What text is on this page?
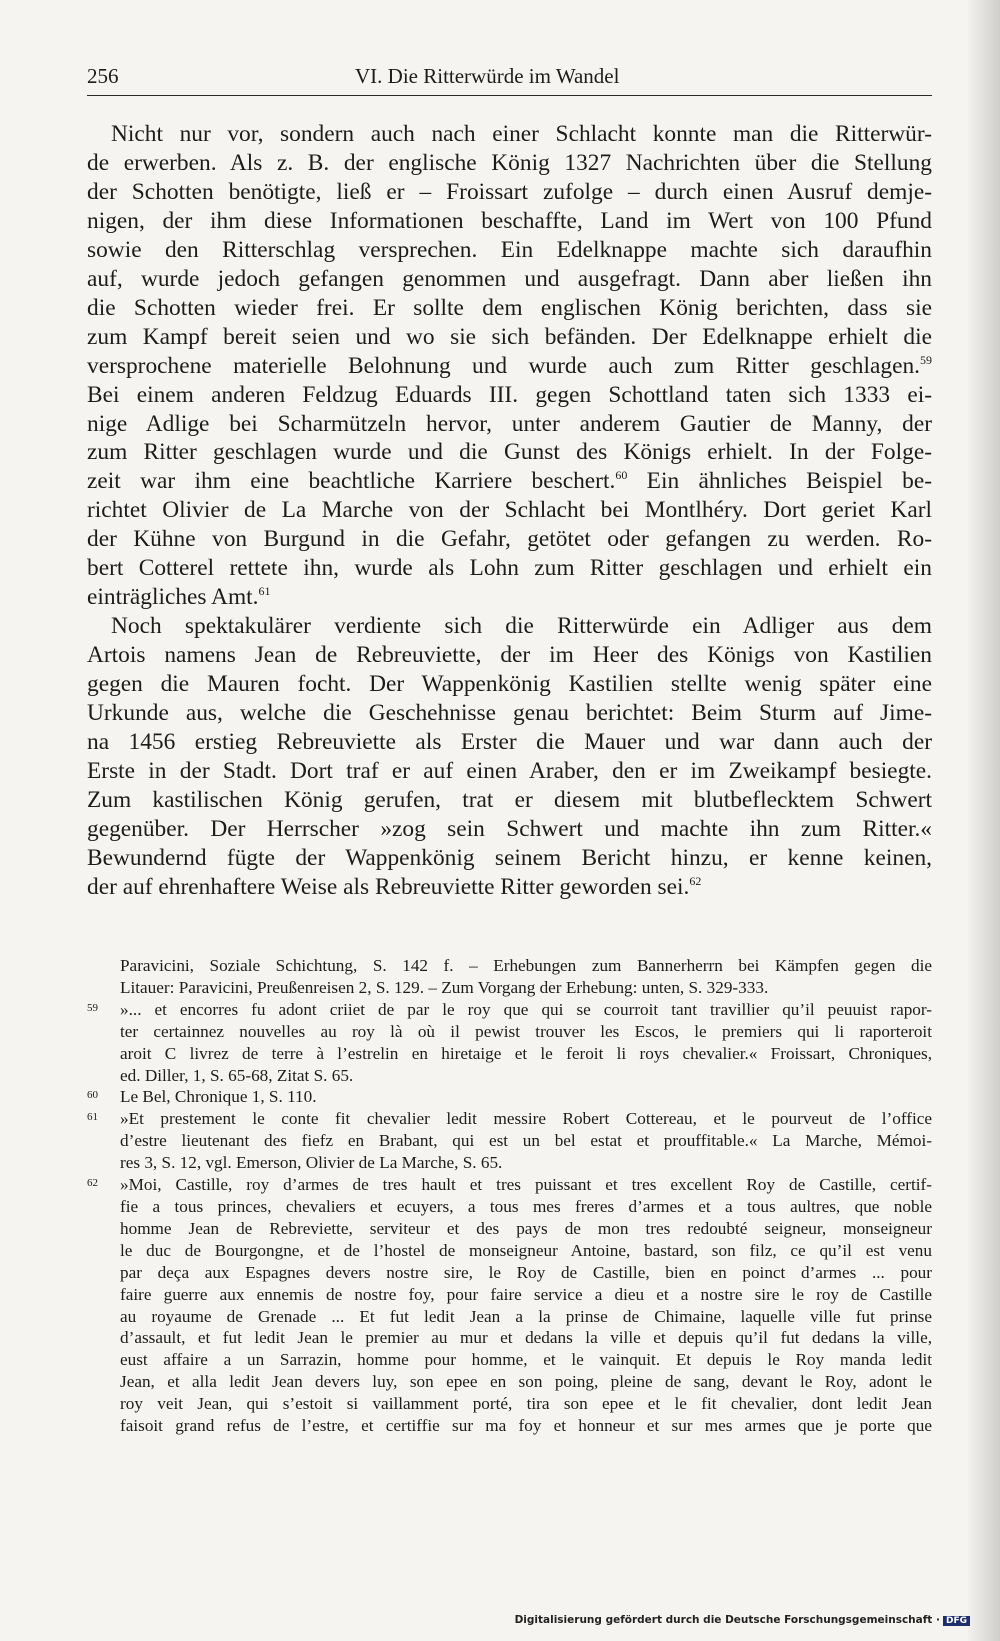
256	VI. Die Ritterwürde im Wandel
Nicht nur vor, sondern auch nach einer Schlacht konnte man die Ritterwür-
de erwerben. Als z. B. der englische König 1327 Nachrichten über die Stellung
der Schotten benötigte, ließ er – Froissart zufolge – durch einen Ausruf demje-
nigen, der ihm diese Informationen beschaffte, Land im Wert von 100 Pfund
sowie den Ritterschlag versprechen. Ein Edelknappe machte sich daraufhin
auf, wurde jedoch gefangen genommen und ausgefragt. Dann aber ließen ihn
die Schotten wieder frei. Er sollte dem englischen König berichten, dass sie
zum Kampf bereit seien und wo sie sich befänden. Der Edelknappe erhielt die
versprochene materielle Belohnung und wurde auch zum Ritter geschlagen.$^{59}$
Bei einem anderen Feldzug Eduards III. gegen Schottland taten sich 1333 ei-
nige Adlige bei Scharmützeln hervor, unter anderem Gautier de Manny, der
zum Ritter geschlagen wurde und die Gunst des Königs erhielt. In der Folge-
zeit war ihm eine beachtliche Karriere beschert.$^{60}$ Ein ähnliches Beispiel be-
richtet Olivier de La Marche von der Schlacht bei Montlhéry. Dort geriet Karl
der Kühne von Burgund in die Gefahr, getötet oder gefangen zu werden. Ro-
bert Cotterel rettete ihn, wurde als Lohn zum Ritter geschlagen und erhielt ein
einträgliches Amt.$^{61}$
Noch spektakulärer verdiente sich die Ritterwürde ein Adliger aus dem
Artois namens Jean de Rebreuviette, der im Heer des Königs von Kastilien
gegen die Mauren focht. Der Wappenkönig Kastilien stellte wenig später eine
Urkunde aus, welche die Geschehnisse genau berichtet: Beim Sturm auf Jime-
na 1456 erstieg Rebreuviette als Erster die Mauer und war dann auch der
Erste in der Stadt. Dort traf er auf einen Araber, den er im Zweikampf besiegte.
Zum kastilischen König gerufen, trat er diesem mit blutbeflecktem Schwert
gegenüber. Der Herrscher »zog sein Schwert und machte ihn zum Ritter.«
Bewundernd fügte der Wappenkönig seinem Bericht hinzu, er kenne keinen,
der auf ehrenhaftere Weise als Rebreuviette Ritter geworden sei.$^{62}$
Paravicini, Soziale Schichtung, S. 142 f. – Erhebungen zum Bannerherrn bei Kämpfen gegen die
Litauer: Paravicini, Preußenreisen 2, S. 129. – Zum Vorgang der Erhebung: unten, S. 329-333.
59 »... et encorres fu adont criiet de par le roy que qui se courroit tant travillier qu’il peuuist rapor-
ter certainnez nouvelles au roy là où il pewist trouver les Escos, le premiers qui li raporteroit
aroit C livrez de terre à l’estrelin en hiretaige et le feroit li roys chevalier.« Froissart, Chroniques,
ed. Diller, 1, S. 65-68, Zitat S. 65.
60 Le Bel, Chronique 1, S. 110.
61 »Et prestement le conte fit chevalier ledit messire Robert Cottereau, et le pourveut de l’office
d’estre lieutenant des fiefz en Brabant, qui est un bel estat et prouffitable.« La Marche, Mémoi-
res 3, S. 12, vgl. Emerson, Olivier de La Marche, S. 65.
62 »Moi, Castille, roy d’armes de tres hault et tres puissant et tres excellent Roy de Castille, certif-
fie a tous princes, chevaliers et ecuyers, a tous mes freres d’armes et a tous aultres, que noble
homme Jean de Rebreviette, serviteur et des pays de mon tres redoubté seigneur, monseigneur
le duc de Bourgongne, et de l’hostel de monseigneur Antoine, bastard, son filz, ce qu’il est venu
par deça aux Espagnes devers nostre sire, le Roy de Castille, bien en poinct d’armes ... pour
faire guerre aux ennemis de nostre foy, pour faire service a dieu et a nostre sire le roy de Castille
au royaume de Grenade ... Et fut ledit Jean a la prinse de Chimaine, laquelle ville fut prinse
d’assault, et fut ledit Jean le premier au mur et dedans la ville et depuis qu’il fut dedans la ville,
eust affaire a un Sarrazin, homme pour homme, et le vainquit. Et depuis le Roy manda ledit
Jean, et alla ledit Jean devers luy, son epee en son poing, pleine de sang, devant le Roy, adont le
roy veit Jean, qui s’estoit si vaillamment porté, tira son epee et le fit chevalier, dont ledit Jean
faisoit grand refus de l’estre, et certiffie sur ma foy et honneur et sur mes armes que je porte que
Digitalisierung gefördert durch die Deutsche Forschungsgemeinschaft · DFG
